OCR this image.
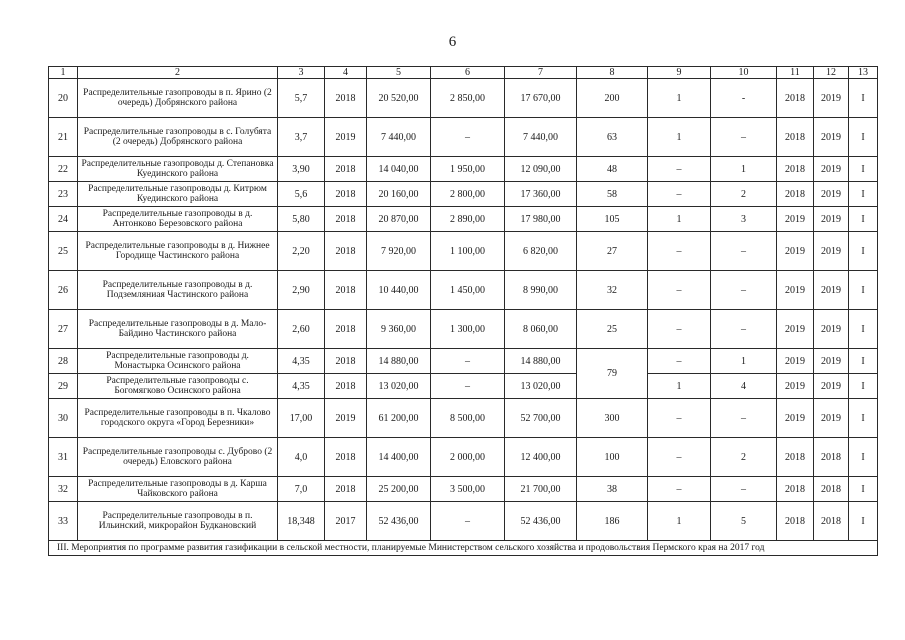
6
1	2	3	4	5	6	7	8	9	10	11	12	13
20	Распределительные газопроводы в п. Ярино (2 очередь) Добрянского района	5,7	2018	20 520,00	2 850,00	17 670,00	200	1	-	2018	2019	I
21	Распределительные газопроводы в с. Голубята (2 очередь) Добрянского района	3,7	2019	7 440,00	–	7 440,00	63	1	–	2018	2019	I
22	Распределительные газопроводы д. Степановка Куединского района	3,90	2018	14 040,00	1 950,00	12 090,00	48	–	1	2018	2019	I
23	Распределительные газопроводы д. Китрюм Куединского района	5,6	2018	20 160,00	2 800,00	17 360,00	58	–	2	2018	2019	I
24	Распределительные газопроводы в д. Антонково Березовского района	5,80	2018	20 870,00	2 890,00	17 980,00	105	1	3	2019	2019	I
25	Распределительные газопроводы в д. Нижнее Городище Частинского района	2,20	2018	7 920,00	1 100,00	6 820,00	27	–	–	2019	2019	I
26	Распределительные газопроводы в д. Подземляниая Частинского района	2,90	2018	10 440,00	1 450,00	8 990,00	32	–	–	2019	2019	I
27	Распределительные газопроводы в д. Мало-Байдино Частинского района	2,60	2018	9 360,00	1 300,00	8 060,00	25	–	–	2019	2019	I
28	Распределительные газопроводы д. Монастырка Осинского района	4,35	2018	14 880,00	–	14 880,00	79	–	1	2019	2019	I
29	Распределительные газопроводы с. Богомягково Осинского района	4,35	2018	13 020,00	–	13 020,00		1	4	2019	2019	I
30	Распределительные газопроводы в п. Чкалово городского округа «Город Березники»	17,00	2019	61 200,00	8 500,00	52 700,00	300	–	–	2019	2019	I
31	Распределительные газопроводы с. Дуброво (2 очередь) Еловского района	4,0	2018	14 400,00	2 000,00	12 400,00	100	–	2	2018	2018	I
32	Распределительные газопроводы в д. Карша Чайковского района	7,0	2018	25 200,00	3 500,00	21 700,00	38	–	–	2018	2018	I
33	Распределительные газопроводы в п. Ильинский, микрорайон Будкановский	18,348	2017	52 436,00	–	52 436,00	186	1	5	2018	2018	I
III. Мероприятия по программе развития газификации в сельской местности, планируемые Министерством сельского хозяйства и продовольствия Пермского края на 2017 год												
